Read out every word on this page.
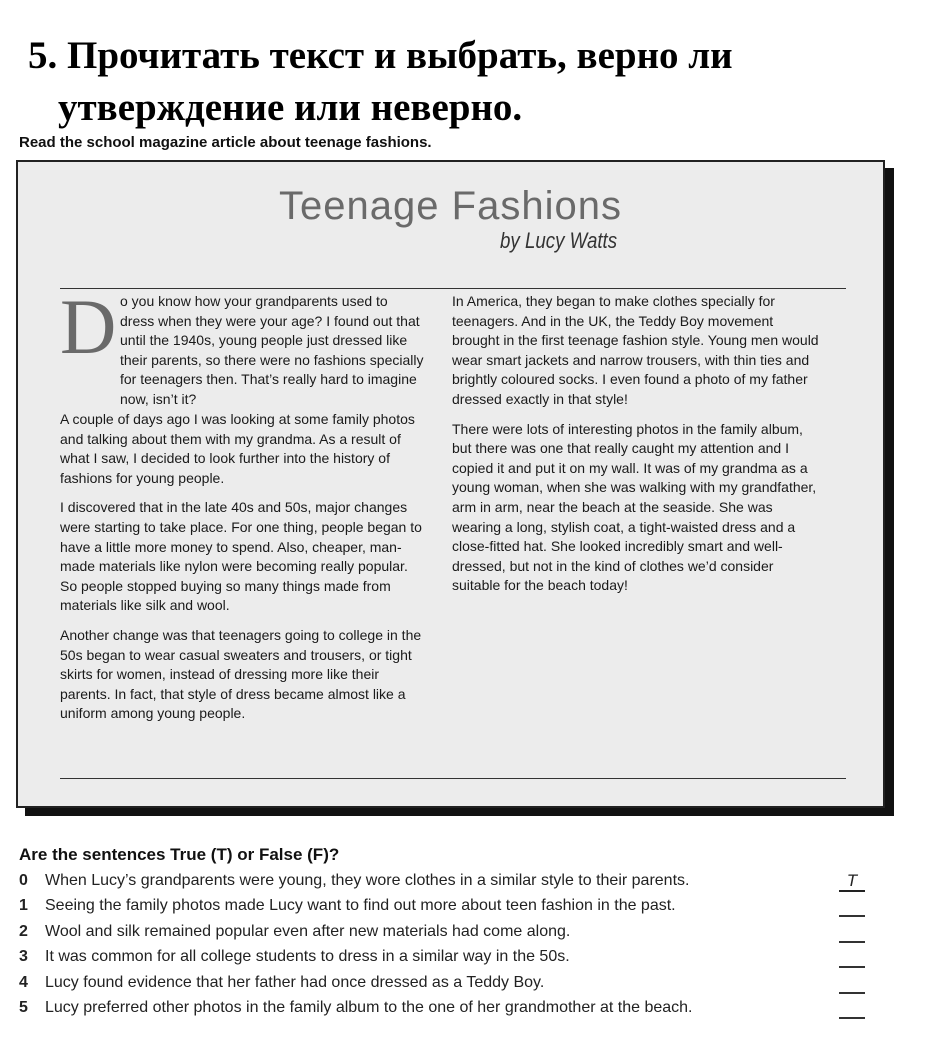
5. Прочитать текст и выбрать, верно ли
утверждение или неверно.
Read the school magazine article about teenage fashions.
Teenage Fashions
by Lucy Watts
D o you know how your grandparents used to dress when they were your age? I found out that until the 1940s, young people just dressed like their parents, so there were no fashions specially for teenagers then. That’s really hard to imagine now, isn’t it?

A couple of days ago I was looking at some family photos and talking about them with my grandma. As a result of what I saw, I decided to look further into the history of fashions for young people.

I discovered that in the late 40s and 50s, major changes were starting to take place. For one thing, people began to have a little more money to spend. Also, cheaper, man-made materials like nylon were becoming really popular. So people stopped buying so many things made from materials like silk and wool.

Another change was that teenagers going to college in the 50s began to wear casual sweaters and trousers, or tight skirts for women, instead of dressing more like their parents. In fact, that style of dress became almost like a uniform among young people.

In America, they began to make clothes specially for teenagers. And in the UK, the Teddy Boy movement brought in the first teenage fashion style. Young men would wear smart jackets and narrow trousers, with thin ties and brightly coloured socks. I even found a photo of my father dressed exactly in that style!

There were lots of interesting photos in the family album, but there was one that really caught my attention and I copied it and put it on my wall. It was of my grandma as a young woman, when she was walking with my grandfather, arm in arm, near the beach at the seaside. She was wearing a long, stylish coat, a tight-waisted dress and a close-fitted hat. She looked incredibly smart and well-dressed, but not in the kind of clothes we’d consider suitable for the beach today!

Are the sentences True (T) or False (F)?
0 When Lucy’s grandparents were young, they wore clothes in a similar style to their parents.	T
1 Seeing the family photos made Lucy want to find out more about teen fashion in the past.
2 Wool and silk remained popular even after new materials had come along.
3 It was common for all college students to dress in a similar way in the 50s.
4 Lucy found evidence that her father had once dressed as a Teddy Boy.
5 Lucy preferred other photos in the family album to the one of her grandmother at the beach.
